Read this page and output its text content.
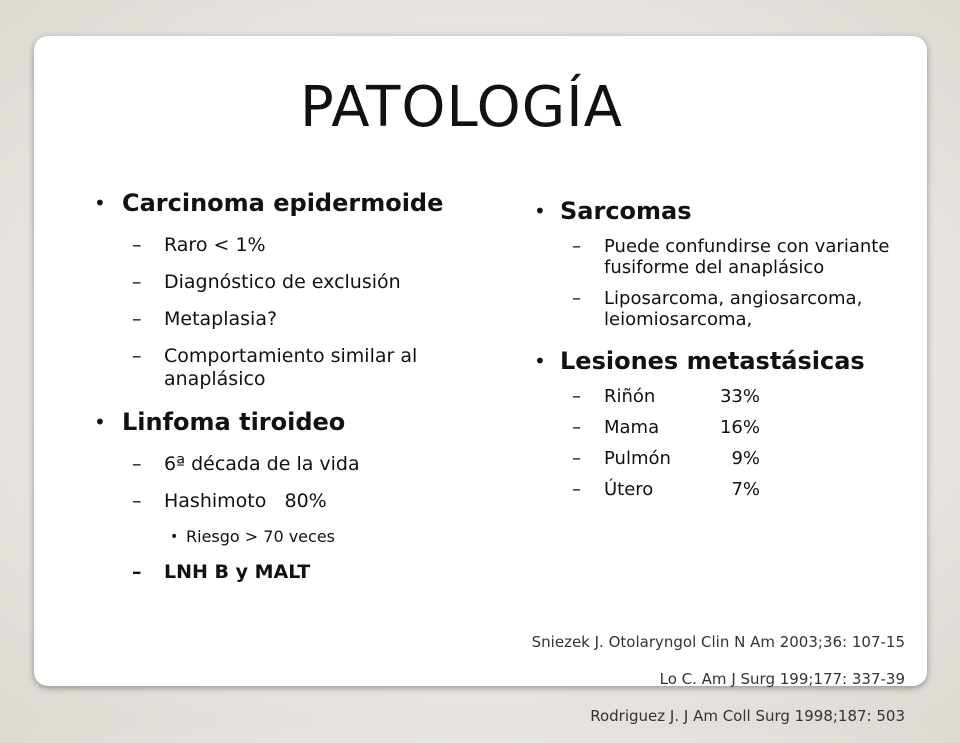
PATOLOGÍA
• Carcinoma epidermoide
– Raro < 1%
– Diagnóstico de exclusión
– Metaplasia?
– Comportamiento similar al anaplásico
• Linfoma tiroideo
– 6ª década de la vida
– Hashimoto   80%
• Riesgo > 70 veces
– LNH B y MALT
• Sarcomas
– Puede confundirse con variante fusiforme del anaplásico
– Liposarcoma, angiosarcoma, leiomiosarcoma,
• Lesiones metastásicas
– Riñón	33%
– Mama	16%
– Pulmón	9%
– Útero	7%
Sniezek J. Otolaryngol Clin N Am 2003;36: 107-15
Lo C. Am J Surg 199;177: 337-39
Rodriguez J. J Am Coll Surg 1998;187: 503
